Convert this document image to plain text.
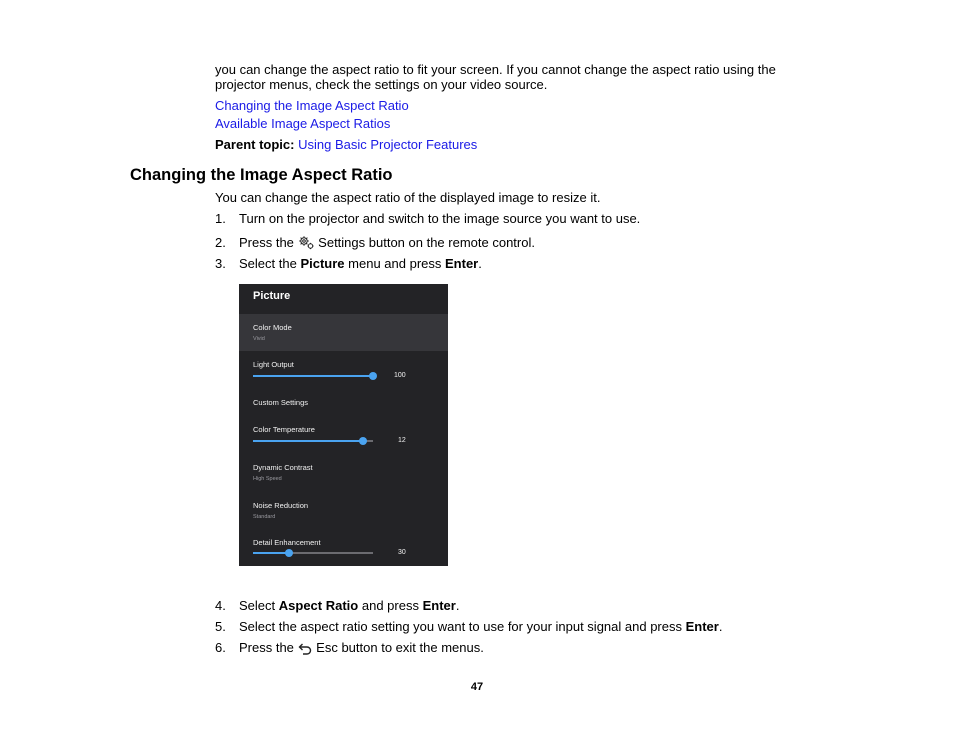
you can change the aspect ratio to fit your screen. If you cannot change the aspect ratio using the
projector menus, check the settings on your video source.
Changing the Image Aspect Ratio
Available Image Aspect Ratios
Parent topic: Using Basic Projector Features
Changing the Image Aspect Ratio
You can change the aspect ratio of the displayed image to resize it.
1. Turn on the projector and switch to the image source you want to use.
2. Press the Settings button on the remote control.
3. Select the Picture menu and press Enter.
Picture
Color Mode
Vivid
Light Output
100
Custom Settings
Color Temperature
12
Dynamic Contrast
High Speed
Noise Reduction
Standard
Detail Enhancement
30
4. Select Aspect Ratio and press Enter.
5. Select the aspect ratio setting you want to use for your input signal and press Enter.
6. Press the Esc button to exit the menus.
47
